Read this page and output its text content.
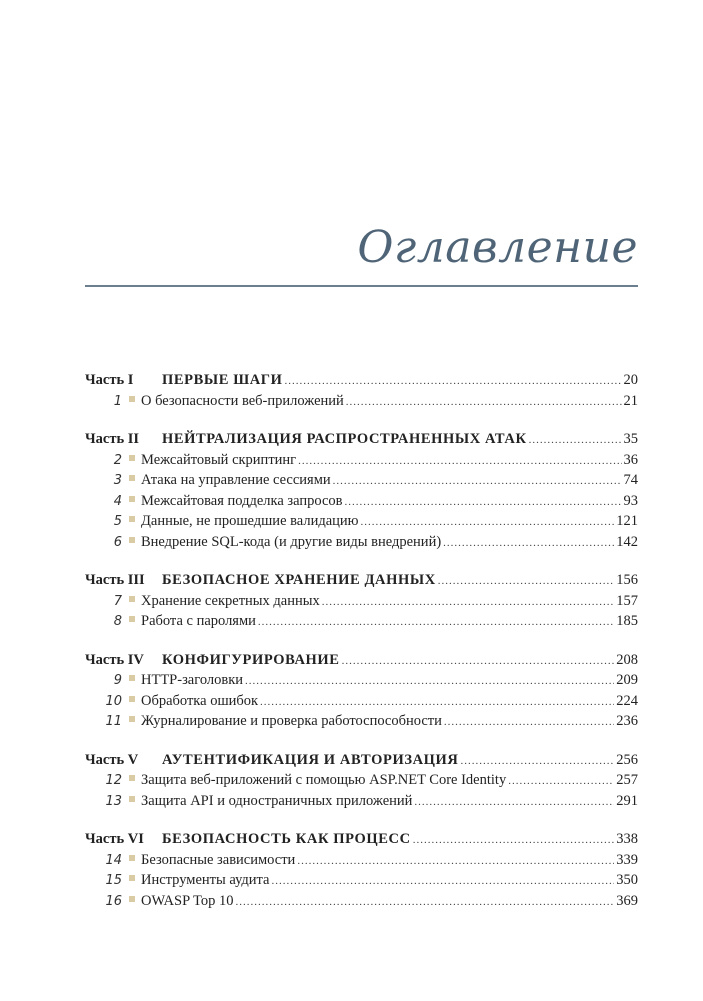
Оглавление
Часть I	ПЕРВЫЕ ШАГИ .....	20
1 О безопасности веб-приложений .....	21
Часть II	НЕЙТРАЛИЗАЦИЯ РАСПРОСТРАНЕННЫХ АТАК .....	35
2 Межсайтовый скриптинг .....	36
3 Атака на управление сессиями .....	74
4 Межсайтовая подделка запросов .....	93
5 Данные, не прошедшие валидацию .....	121
6 Внедрение SQL-кода (и другие виды внедрений) .....	142
Часть III	БЕЗОПАСНОЕ ХРАНЕНИЕ ДАННЫХ .....	156
7 Хранение секретных данных .....	157
8 Работа с паролями .....	185
Часть IV	КОНФИГУРИРОВАНИЕ .....	208
9 HTTP-заголовки .....	209
10 Обработка ошибок .....	224
11 Журналирование и проверка работоспособности .....	236
Часть V	АУТЕНТИФИКАЦИЯ И АВТОРИЗАЦИЯ .....	256
12 Защита веб-приложений с помощью ASP.NET Core Identity .....	257
13 Защита API и одностраничных приложений .....	291
Часть VI	БЕЗОПАСНОСТЬ КАК ПРОЦЕСС .....	338
14 Безопасные зависимости .....	339
15 Инструменты аудита .....	350
16 OWASP Top 10 .....	369
